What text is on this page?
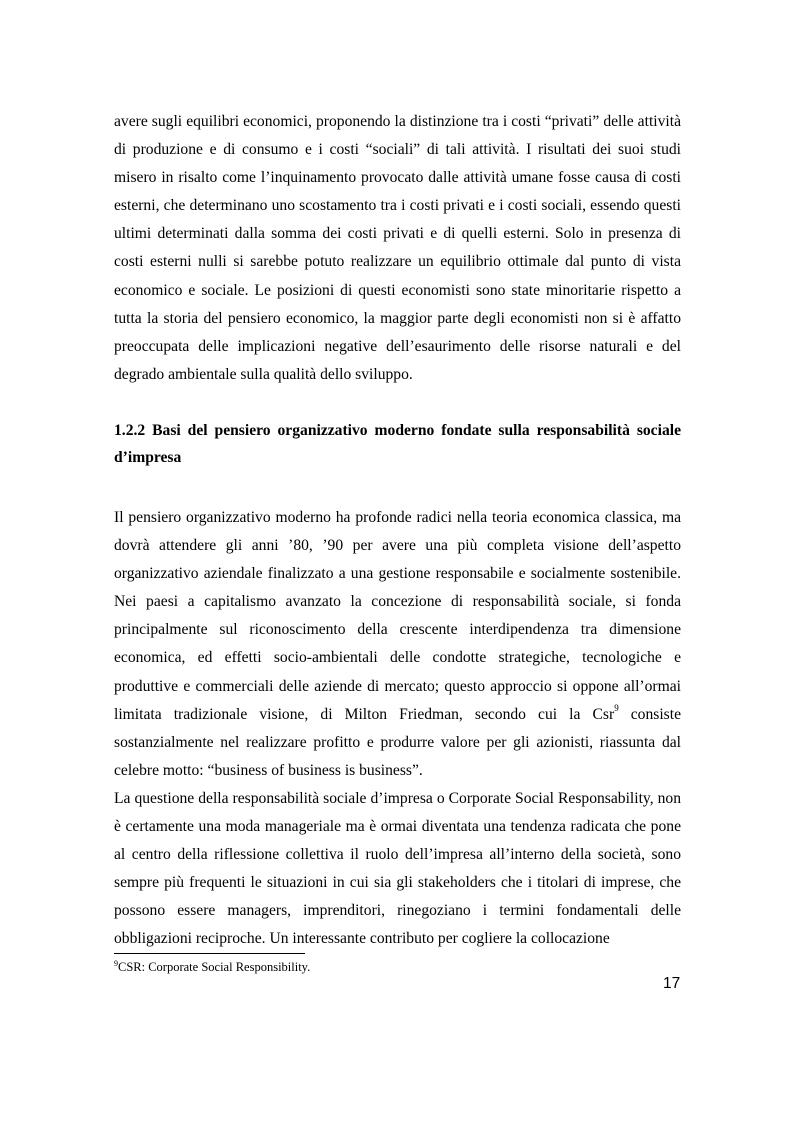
avere sugli equilibri economici, proponendo la distinzione tra i costi “privati” delle attività di produzione e di consumo e i costi “sociali” di tali attività. I risultati dei suoi studi misero in risalto come l’inquinamento provocato dalle attività umane fosse causa di costi esterni, che determinano uno scostamento tra i costi privati e i costi sociali, essendo questi ultimi determinati dalla somma dei costi privati e di quelli esterni. Solo in presenza di costi esterni nulli si sarebbe potuto realizzare un equilibrio ottimale dal punto di vista economico e sociale. Le posizioni di questi economisti sono state minoritarie rispetto a tutta la storia del pensiero economico, la maggior parte degli economisti non si è affatto preoccupata delle implicazioni negative dell’esaurimento delle risorse naturali e del degrado ambientale sulla qualità dello sviluppo.

1.2.2 Basi del pensiero organizzativo moderno fondate sulla responsabilità sociale d’impresa

Il pensiero organizzativo moderno ha profonde radici nella teoria economica classica, ma dovrà attendere gli anni ’80, ’90 per avere una più completa visione dell’aspetto organizzativo aziendale finalizzato a una gestione responsabile e socialmente sostenibile. Nei paesi a capitalismo avanzato la concezione di responsabilità sociale, si fonda principalmente sul riconoscimento della crescente interdipendenza tra dimensione economica, ed effetti socio-ambientali delle condotte strategiche, tecnologiche e produttive e commerciali delle aziende di mercato; questo approccio si oppone all’ormai limitata tradizionale visione, di Milton Friedman, secondo cui la Csr$^9$ consiste sostanzialmente nel realizzare profitto e produrre valore per gli azionisti, riassunta dal celebre motto: “business of business is business”.

La questione della responsabilità sociale d’impresa o Corporate Social Responsability, non è certamente una moda manageriale ma è ormai diventata una tendenza radicata che pone al centro della riflessione collettiva il ruolo dell’impresa all’interno della società, sono sempre più frequenti le situazioni in cui sia gli stakeholders che i titolari di imprese, che possono essere managers, imprenditori, rinegoziano i termini fondamentali delle obbligazioni reciproche. Un interessante contributo per cogliere la collocazione

$^9$CSR: Corporate Social Responsibility.
17
